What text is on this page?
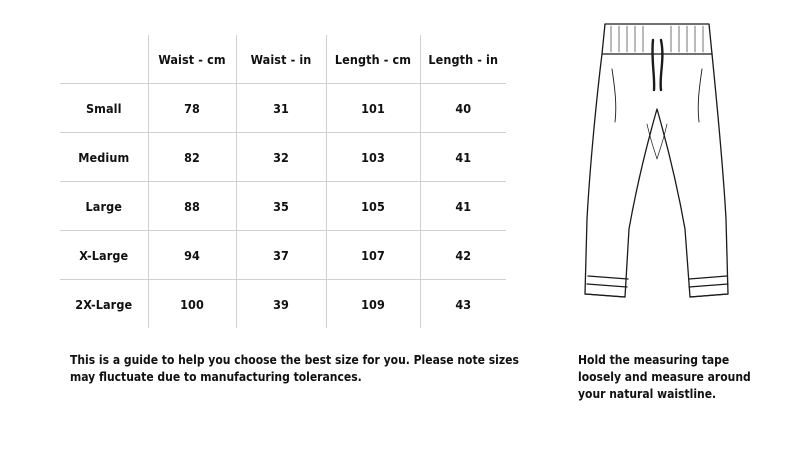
	Waist - cm	Waist - in	Length - cm	Length - in
Small	78	31	101	40
Medium	82	32	103	41
Large	88	35	105	41
X-Large	94	37	107	42
2X-Large	100	39	109	43
This is a guide to help you choose the best size for you. Please note sizes may fluctuate due to manufacturing tolerances.
Hold the measuring tape loosely and measure around your natural waistline.
